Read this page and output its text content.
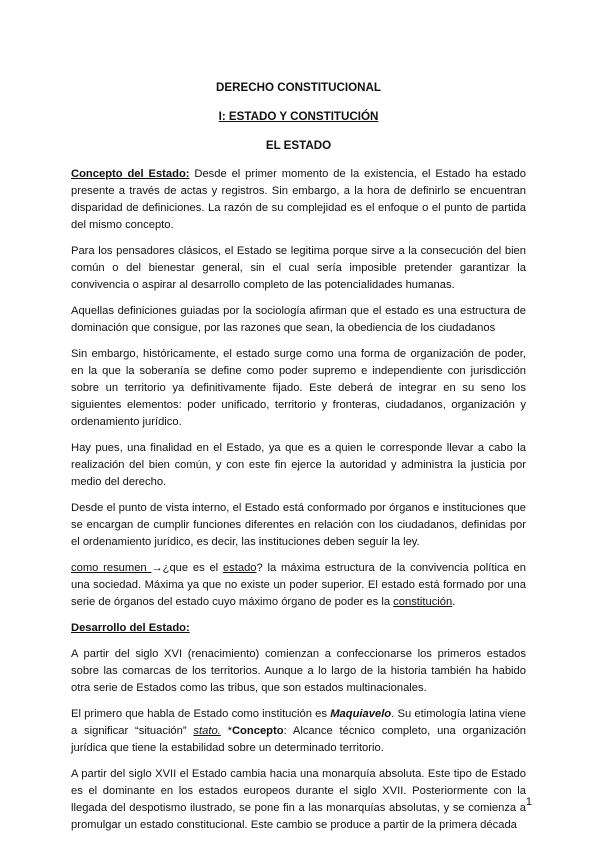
DERECHO CONSTITUCIONAL
I: ESTADO Y CONSTITUCIÓN
EL ESTADO

Concepto del Estado: Desde el primer momento de la existencia, el Estado ha estado presente a través de actas y registros. Sin embargo, a la hora de definirlo se encuentran disparidad de definiciones. La razón de su complejidad es el enfoque o el punto de partida del mismo concepto.

Para los pensadores clásicos, el Estado se legitima porque sirve a la consecución del bien común o del bienestar general, sin el cual sería imposible pretender garantizar la convivencia o aspirar al desarrollo completo de las potencialidades humanas.

Aquellas definiciones guiadas por la sociología afirman que el estado es una estructura de dominación que consigue, por las razones que sean, la obediencia de los ciudadanos

Sin embargo, históricamente, el estado surge como una forma de organización de poder, en la que la soberanía se define como poder supremo e independiente con jurisdicción sobre un territorio ya definitivamente fijado. Este deberá de integrar en su seno los siguientes elementos: poder unificado, territorio y fronteras, ciudadanos, organización y ordenamiento jurídico.

Hay pues, una finalidad en el Estado, ya que es a quien le corresponde llevar a cabo la realización del bien común, y con este fin ejerce la autoridad y administra la justicia por medio del derecho.

Desde el punto de vista interno, el Estado está conformado por órganos e instituciones que se encargan de cumplir funciones diferentes en relación con los ciudadanos, definidas por el ordenamiento jurídico, es decir, las instituciones deben seguir la ley.

como resumen →¿que es el estado? la máxima estructura de la convivencia política en una sociedad. Máxima ya que no existe un poder superior. El estado está formado por una serie de órganos del estado cuyo máximo órgano de poder es la constitución.

Desarrollo del Estado:

A partir del siglo XVI (renacimiento) comienzan a confeccionarse los primeros estados sobre las comarcas de los territorios. Aunque a lo largo de la historia también ha habido otra serie de Estados como las tribus, que son estados multinacionales.

El primero que habla de Estado como institución es Maquiavelo. Su etimología latina viene a significar “situación” stato. *Concepto: Alcance técnico completo, una organización jurídica que tiene la estabilidad sobre un determinado territorio.

A partir del siglo XVII el Estado cambia hacia una monarquía absoluta. Este tipo de Estado es el dominante en los estados europeos durante el siglo XVII. Posteriormente con la llegada del despotismo ilustrado, se pone fin a las monarquías absolutas, y se comienza a promulgar un estado constitucional. Este cambio se produce a partir de la primera década

1
